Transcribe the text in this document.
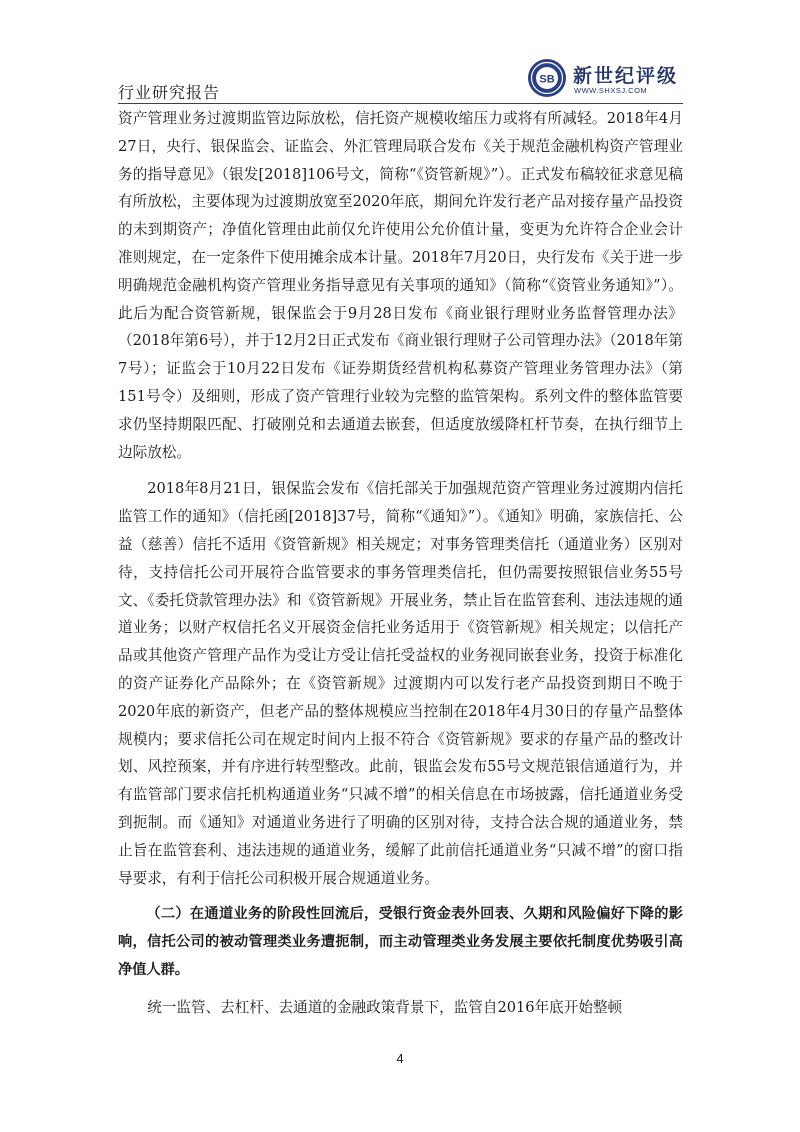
SB 新世纪评级
WWW.SHXSJ.COM
行业研究报告

资产管理业务过渡期监管边际放松，信托资产规模收缩压力或将有所减轻。2018年4月27日，央行、银保监会、证监会、外汇管理局联合发布《关于规范金融机构资产管理业务的指导意见》（银发[2018]106号文，简称“《资管新规》”）。正式发布稿较征求意见稿有所放松，主要体现为过渡期放宽至2020年底，期间允许发行老产品对接存量产品投资的未到期资产；净值化管理由此前仅允许使用公允价值计量，变更为允许符合企业会计准则规定，在一定条件下使用摊余成本计量。2018年7月20日，央行发布《关于进一步明确规范金融机构资产管理业务指导意见有关事项的通知》（简称“《资管业务通知》”）。此后为配合资管新规，银保监会于9月28日发布《商业银行理财业务监督管理办法》（2018年第6号），并于12月2日正式发布《商业银行理财子公司管理办法》（2018年第7号）；证监会于10月22日发布《证券期货经营机构私募资产管理业务管理办法》（第151号令）及细则，形成了资产管理行业较为完整的监管架构。系列文件的整体监管要求仍坚持期限匹配、打破刚兑和去通道去嵌套，但适度放缓降杠杆节奏，在执行细节上边际放松。

2018年8月21日，银保监会发布《信托部关于加强规范资产管理业务过渡期内信托监管工作的通知》（信托函[2018]37号，简称“《通知》”）。《通知》明确，家族信托、公益（慈善）信托不适用《资管新规》相关规定；对事务管理类信托（通道业务）区别对待，支持信托公司开展符合监管要求的事务管理类信托，但仍需要按照银信业务55号文、《委托贷款管理办法》和《资管新规》开展业务，禁止旨在监管套利、违法违规的通道业务；以财产权信托名义开展资金信托业务适用于《资管新规》相关规定；以信托产品或其他资产管理产品作为受让方受让信托受益权的业务视同嵌套业务，投资于标准化的资产证券化产品除外；在《资管新规》过渡期内可以发行老产品投资到期日不晚于2020年底的新资产，但老产品的整体规模应当控制在2018年4月30日的存量产品整体规模内；要求信托公司在规定时间内上报不符合《资管新规》要求的存量产品的整改计划、风控预案，并有序进行转型整改。此前，银监会发布55号文规范银信通道行为，并有监管部门要求信托机构通道业务“只减不增”的相关信息在市场披露，信托通道业务受到扼制。而《通知》对通道业务进行了明确的区别对待，支持合法合规的通道业务，禁止旨在监管套利、违法违规的通道业务，缓解了此前信托通道业务“只减不增”的窗口指导要求，有利于信托公司积极开展合规通道业务。

（二）在通道业务的阶段性回流后，受银行资金表外回表、久期和风险偏好下降的影响，信托公司的被动管理类业务遭扼制，而主动管理类业务发展主要依托制度优势吸引高净值人群。

统一监管、去杠杆、去通道的金融政策背景下，监管自2016年底开始整顿

4
